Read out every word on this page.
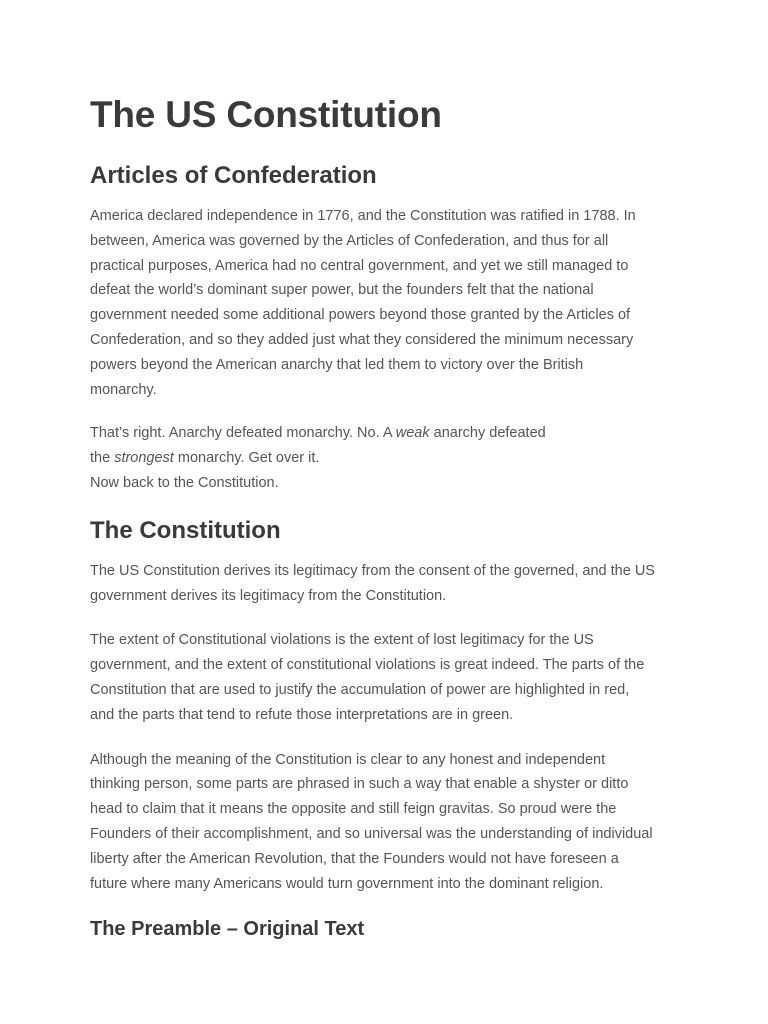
The US Constitution
Articles of Confederation

America declared independence in 1776, and the Constitution was ratified in 1788. In
between, America was governed by the Articles of Confederation, and thus for all
practical purposes, America had no central government, and yet we still managed to
defeat the world’s dominant super power, but the founders felt that the national
government needed some additional powers beyond those granted by the Articles of
Confederation, and so they added just what they considered the minimum necessary
powers beyond the American anarchy that led them to victory over the British
monarchy.

That’s right. Anarchy defeated monarchy. No. A weak anarchy defeated
the strongest monarchy. Get over it.
Now back to the Constitution.

The Constitution

The US Constitution derives its legitimacy from the consent of the governed, and the US
government derives its legitimacy from the Constitution.

The extent of Constitutional violations is the extent of lost legitimacy for the US
government, and the extent of constitutional violations is great indeed. The parts of the
Constitution that are used to justify the accumulation of power are highlighted in red,
and the parts that tend to refute those interpretations are in green.

Although the meaning of the Constitution is clear to any honest and independent
thinking person, some parts are phrased in such a way that enable a shyster or ditto
head to claim that it means the opposite and still feign gravitas. So proud were the
Founders of their accomplishment, and so universal was the understanding of individual
liberty after the American Revolution, that the Founders would not have foreseen a
future where many Americans would turn government into the dominant religion.

The Preamble – Original Text
